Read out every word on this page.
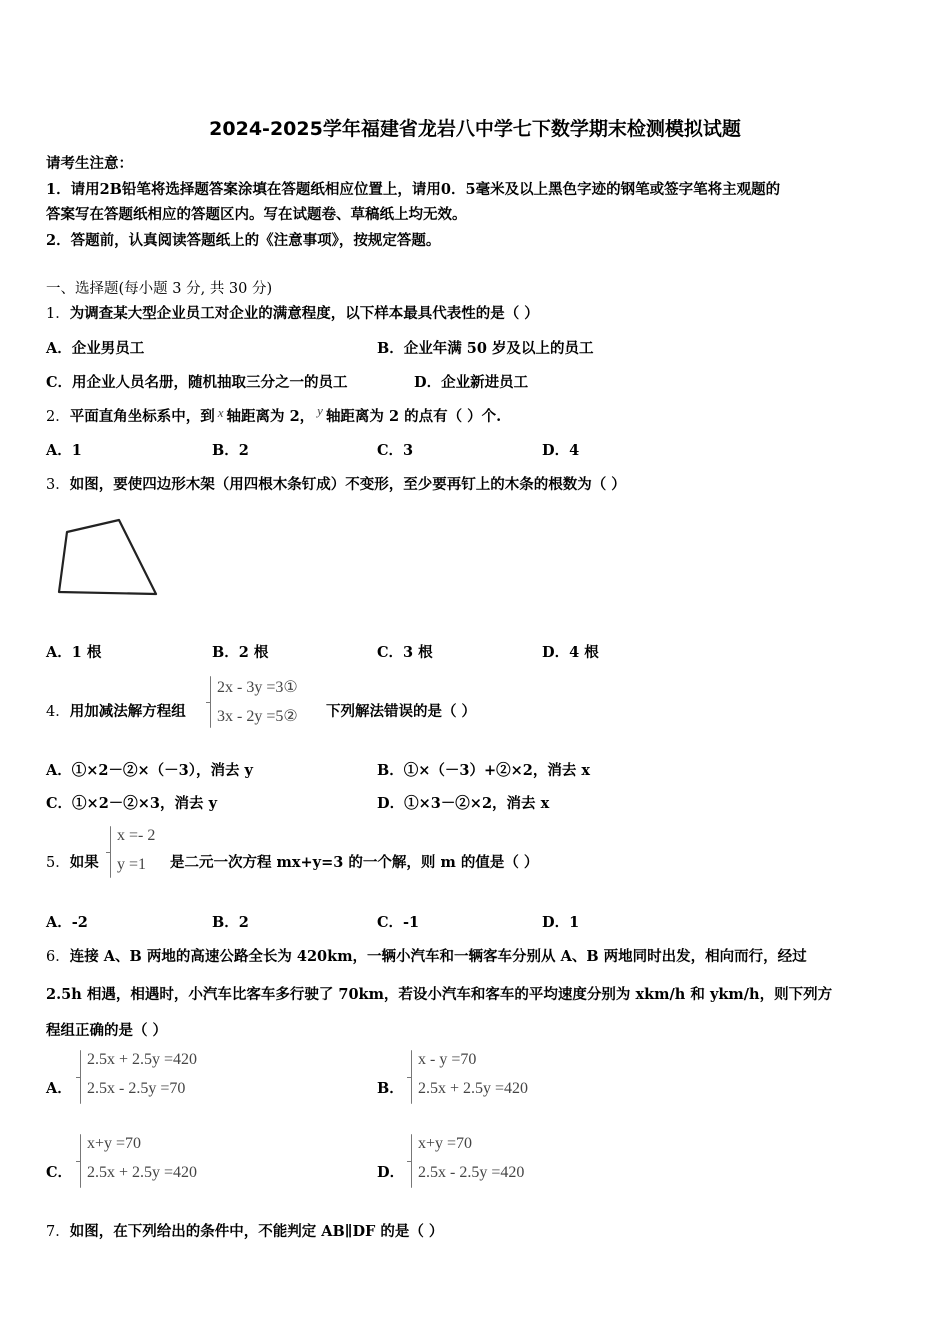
2024-2025学年福建省龙岩八中学七下数学期末检测模拟试题
请考生注意：
1．请用2B铅笔将选择题答案涂填在答题纸相应位置上，请用0．5毫米及以上黑色字迹的钢笔或签字笔将主观题的
答案写在答题纸相应的答题区内。写在试题卷、草稿纸上均无效。
2．答题前，认真阅读答题纸上的《注意事项》，按规定答题。
一、选择题(每小题 3 分, 共 30 分)
1．为调查某大型企业员工对企业的满意程度，以下样本最具代表性的是（ ）
A．企业男员工	B．企业年满 50 岁及以上的员工
C．用企业人员名册，随机抽取三分之一的员工	D．企业新进员工
2．平面直角坐标系中，到 x 轴距离为 2， y 轴距离为 2 的点有（ ）个.
A．1	B．2	C．3	D．4
3．如图，要使四边形木架（用四根木条钉成）不变形，至少要再钉上的木条的根数为（ ）
A．1 根	B．2 根	C．3 根	D．4 根
4．用加减法解方程组
2x - 3y =3①
3x - 2y =5② 下列解法错误的是（ ）
A．①×2－②×（－3），消去 y	B．①×（－3）+②×2，消去 x
C．①×2－②×3，消去 y	D．①×3－②×2，消去 x
5．如果
x =- 2
y =1 是二元一次方程 mx+y=3 的一个解，则 m 的值是（ ）
A．-2	B．2	C．-1	D．1
6．连接 A、B 两地的高速公路全长为 420km，一辆小汽车和一辆客车分别从 A、B 两地同时出发，相向而行，经过
2.5h 相遇，相遇时，小汽车比客车多行驶了 70km，若设小汽车和客车的平均速度分别为 xkm/h 和 ykm/h，则下列方
程组正确的是（ ）
A．
2.5x + 2.5y =420
2.5x - 2.5y =70	B．
x - y =70
2.5x + 2.5y =420
C．
x+y =70
2.5x + 2.5y =420	D．
x+y =70
2.5x - 2.5y =420
7．如图，在下列给出的条件中，不能判定 AB∥DF 的是（ ）
